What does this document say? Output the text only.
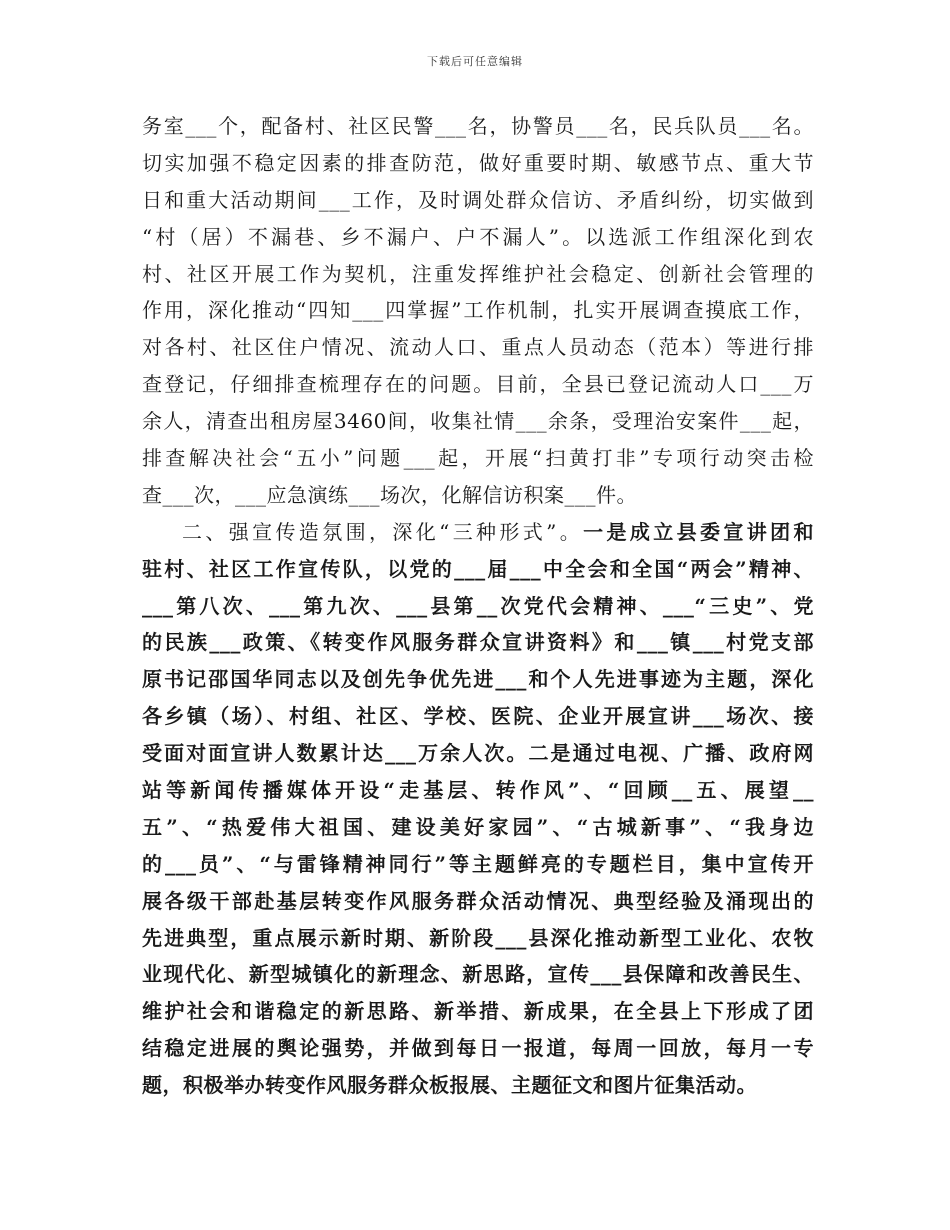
下载后可任意编辑
务室___个，配备村、社区民警___名，协警员___名，民兵队员___名。
切实加强不稳定因素的排查防范，做好重要时期、敏感节点、重大节
日和重大活动期间___工作，及时调处群众信访、矛盾纠纷，切实做到
“村（居）不漏巷、乡不漏户、户不漏人”。以选派工作组深化到农
村、社区开展工作为契机，注重发挥维护社会稳定、创新社会管理的
作用，深化推动“四知___四掌握”工作机制，扎实开展调查摸底工作，
对各村、社区住户情况、流动人口、重点人员动态（范本）等进行排
查登记，仔细排查梳理存在的问题。目前，全县已登记流动人口___万
余人，清查出租房屋3460间，收集社情___余条，受理治安案件___起，
排查解决社会“五小”问题___起，开展“扫黄打非”专项行动突击检
查___次，___应急演练___场次，化解信访积案___件。
二、强宣传造氛围，深化“三种形式”。一是成立县委宣讲团和
驻村、社区工作宣传队，以党的___届___中全会和全国“两会”精神、
___第八次、___第九次、___县第__次党代会精神、___“三史”、党
的民族___政策、《转变作风服务群众宣讲资料》和___镇___村党支部
原书记邵国华同志以及创先争优先进___和个人先进事迹为主题，深化
各乡镇（场）、村组、社区、学校、医院、企业开展宣讲___场次、接
受面对面宣讲人数累计达___万余人次。二是通过电视、广播、政府网
站等新闻传播媒体开设“走基层、转作风”、“回顾__五、展望__
五”、“热爱伟大祖国、建设美好家园”、“古城新事”、“我身边
的___员”、“与雷锋精神同行”等主题鲜亮的专题栏目，集中宣传开
展各级干部赴基层转变作风服务群众活动情况、典型经验及涌现出的
先进典型，重点展示新时期、新阶段___县深化推动新型工业化、农牧
业现代化、新型城镇化的新理念、新思路，宣传___县保障和改善民生、
维护社会和谐稳定的新思路、新举措、新成果，在全县上下形成了团
结稳定进展的舆论强势，并做到每日一报道，每周一回放，每月一专
题，积极举办转变作风服务群众板报展、主题征文和图片征集活动。
